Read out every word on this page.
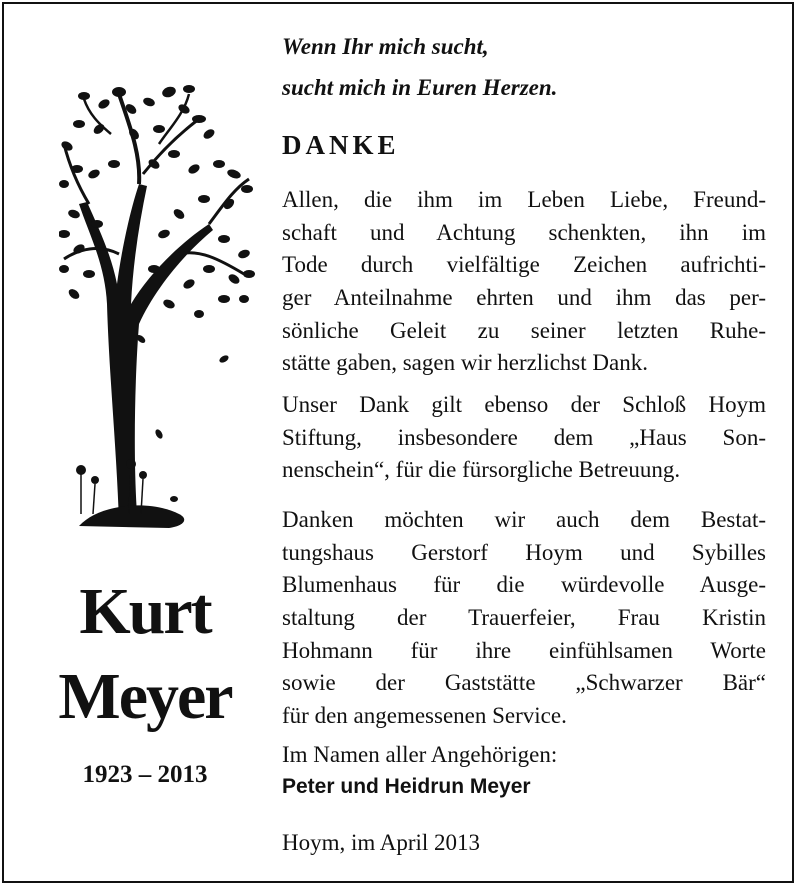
Kurt
Meyer
1923 – 2013
Wenn Ihr mich sucht,
sucht mich in Euren Herzen.
DANKE
Allen, die ihm im Leben Liebe, Freund-
schaft und Achtung schenkten, ihn im
Tode durch vielfältige Zeichen aufrichti-
ger Anteilnahme ehrten und ihm das per-
sönliche Geleit zu seiner letzten Ruhe-
stätte gaben, sagen wir herzlichst Dank.
Unser Dank gilt ebenso der Schloß Hoym
Stiftung, insbesondere dem „Haus Son-
nenschein“, für die fürsorgliche Betreuung.
Danken möchten wir auch dem Bestat-
tungshaus Gerstorf Hoym und Sybilles
Blumenhaus für die würdevolle Ausge-
staltung der Trauerfeier, Frau Kristin
Hohmann für ihre einfühlsamen Worte
sowie der Gaststätte „Schwarzer Bär“
für den angemessenen Service.
Im Namen aller Angehörigen:
Peter und Heidrun Meyer
Hoym, im April 2013
